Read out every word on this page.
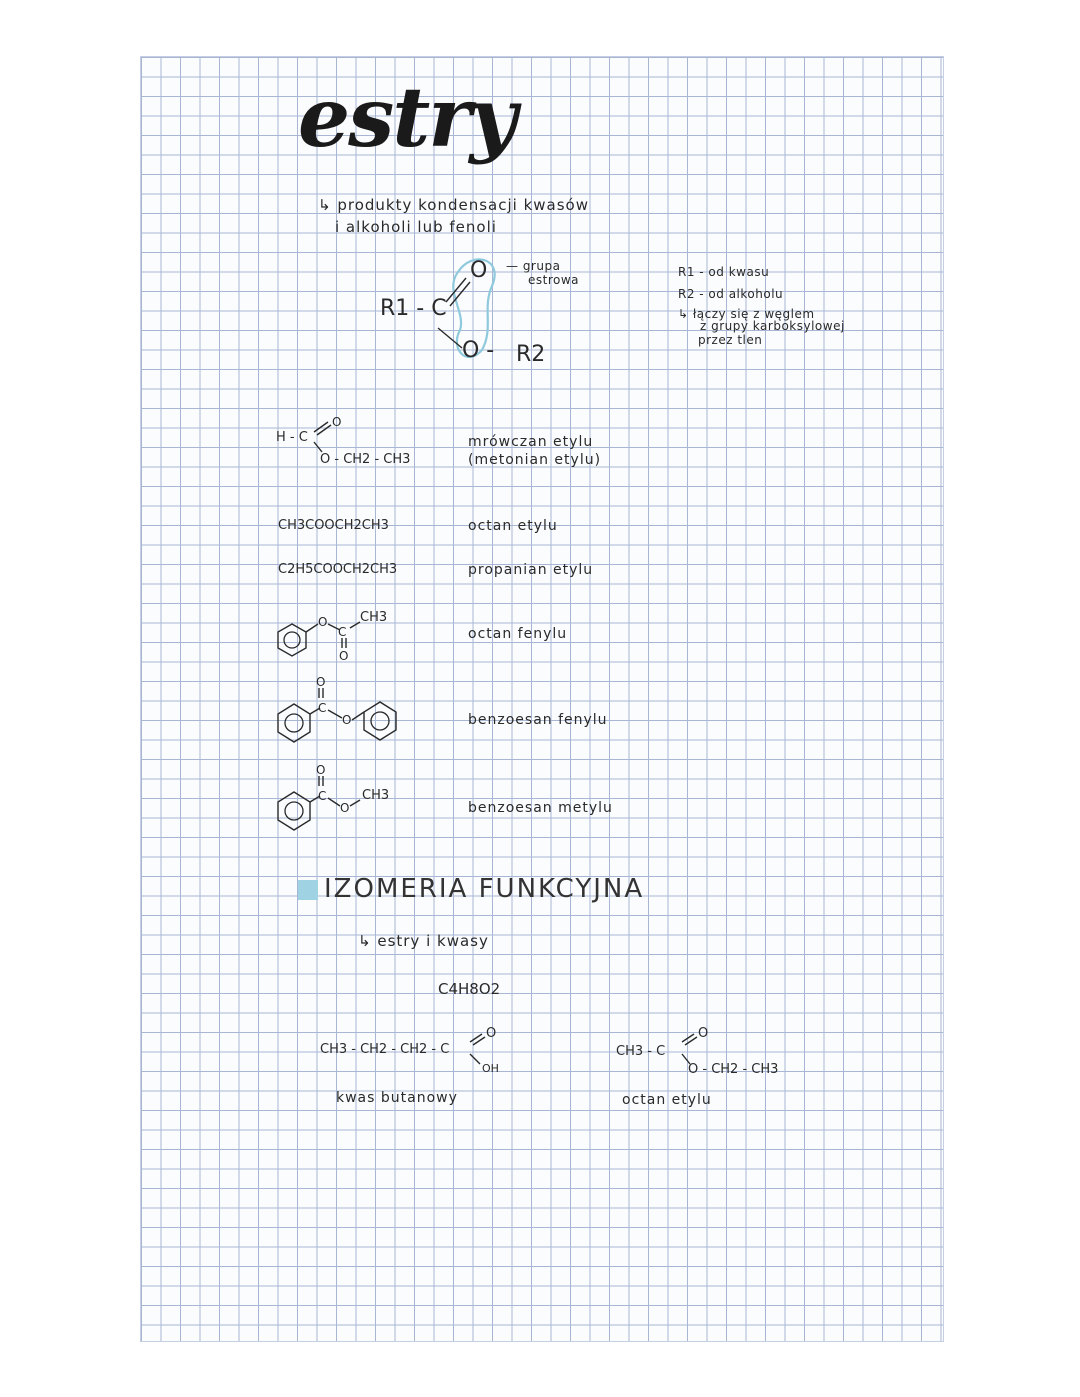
estry
↳ produkty kondensacji kwasów
i alkoholi lub fenoli
R1 - C
O
O - R2
— grupa
estrowa
R1 - od kwasu
R2 - od alkoholu
↳ łączy się z węglem
z grupy karboksylowej
przez tlen
O
H - C
O - CH2 - CH3
mrówczan etylu
(metonian etylu)
CH3COOCH2CH3	octan etylu
C2H5COOCH2CH3	propanian etylu
O
C
O
CH3
octan fenylu
C
O
O	benzoesan fenylu
C
O
O
CH3
benzoesan metylu
IZOMERIA FUNKCYJNA
↳ estry i kwasy
C4H8O2
CH3 - CH2 - CH2 - C
O
OH
kwas butanowy
CH3 - C
O
O - CH2 - CH3
octan etylu
